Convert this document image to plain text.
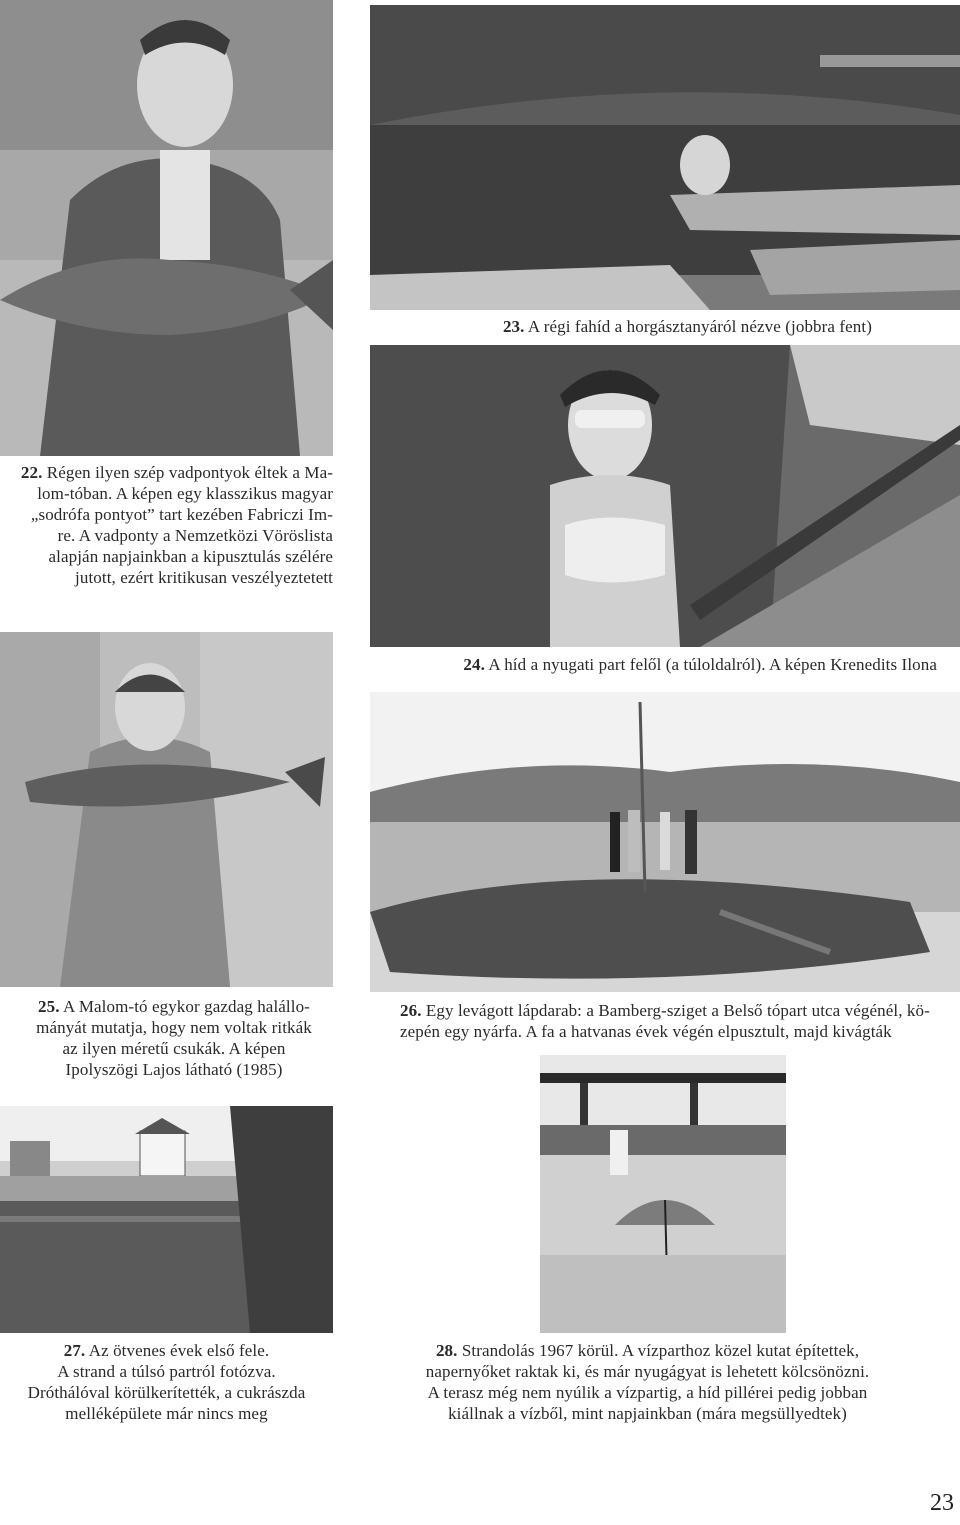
23. A régi fahíd a horgásztanyáról nézve (jobbra fent)
22. Régen ilyen szép vadpontyok éltek a Ma-
lom-tóban. A képen egy klasszikus magyar
„sodrófa pontyot” tart kezében Fabriczi Im-
re. A vadponty a Nemzetközi Vöröslista
alapján napjainkban a kipusztulás szélére
jutott, ezért kritikusan veszélyeztetett
24. A híd a nyugati part felől (a túloldalról). A képen Krenedits Ilona
25. A Malom-tó egykor gazdag halállo-
mányát mutatja, hogy nem voltak ritkák
az ilyen méretű csukák. A képen
Ipolyszögi Lajos látható (1985)
26. Egy levágott lápdarab: a Bamberg-sziget a Belső tópart utca végénél, kö-
zepén egy nyárfa. A fa a hatvanas évek végén elpusztult, majd kivágták
27. Az ötvenes évek első fele.
A strand a túlsó partról fotózva.
Dróthálóval körülkerítették, a cukrászda
melléképülete már nincs meg
28. Strandolás 1967 körül. A vízparthoz közel kutat építettek,
napernyőket raktak ki, és már nyugágyat is lehetett kölcsönözni.
A terasz még nem nyúlik a vízpartig, a híd pillérei pedig jobban
kiállnak a vízből, mint napjainkban (mára megsüllyedtek)
23
